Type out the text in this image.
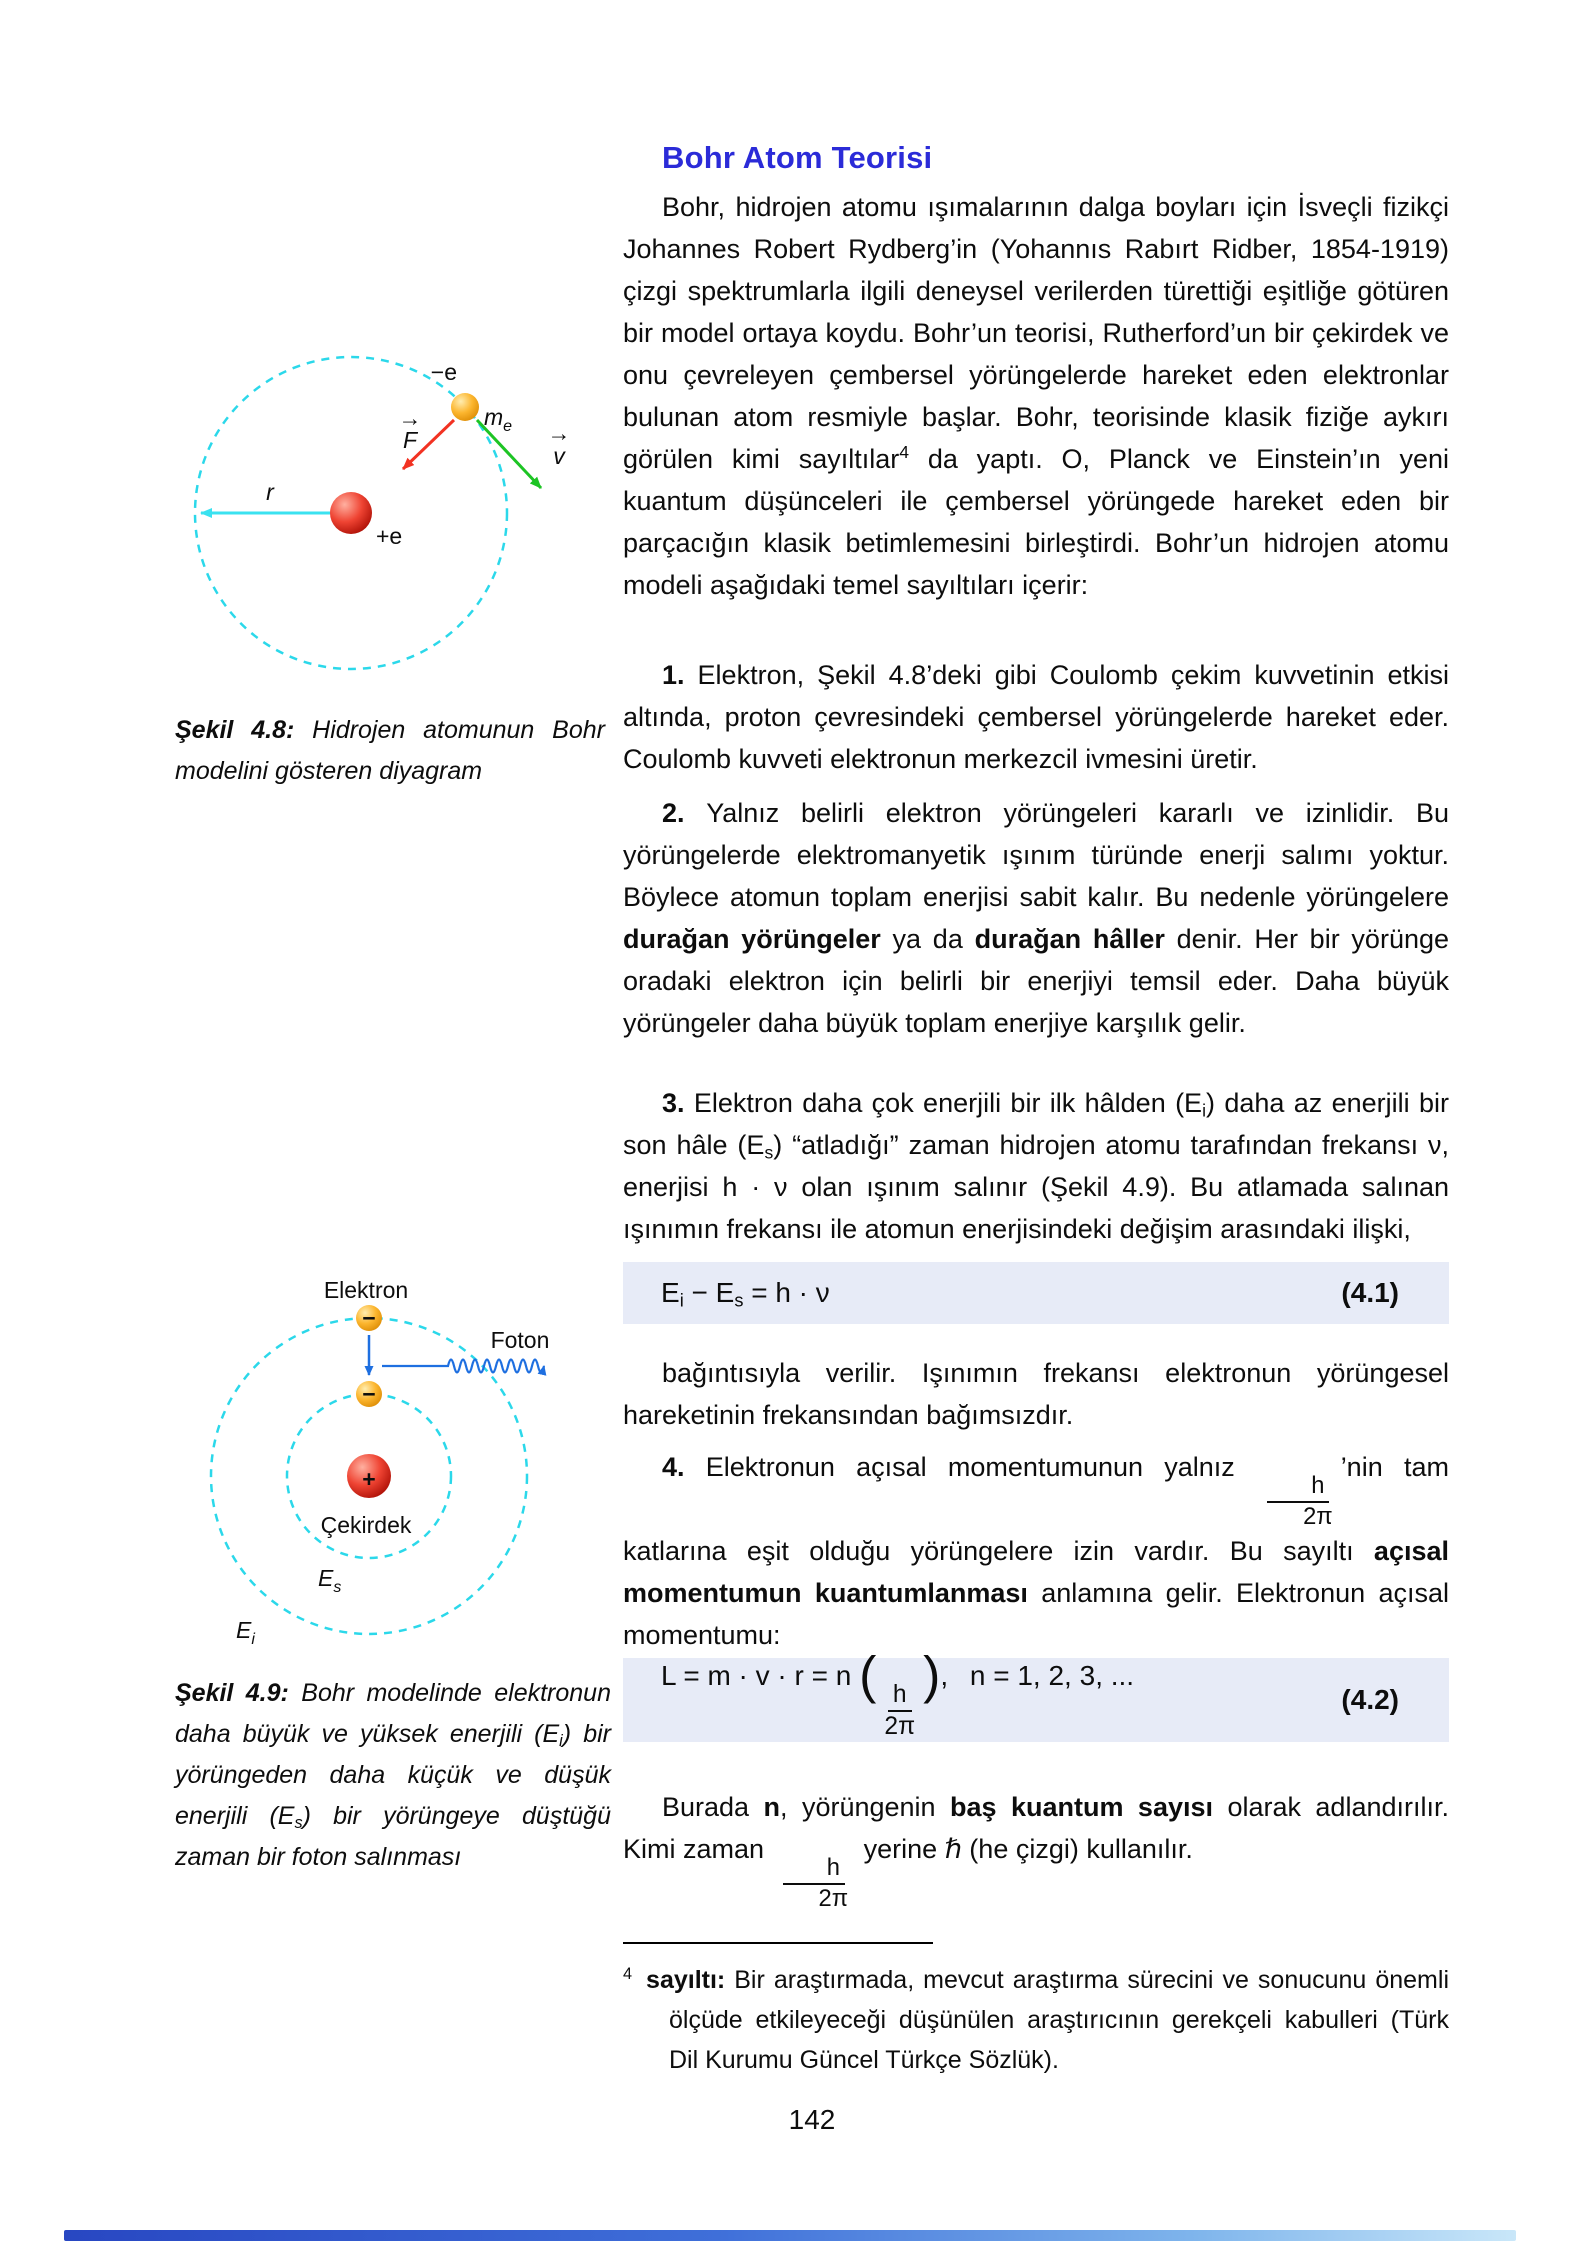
r
+e
−e
$m_e$
→
F	→
v
Şekil 4.8: Hidrojen atomunun Bohr modelini gösteren diyagram
Elektron
−
−
Foton
+
Çekirdek
$E_s$
$E_i$
Şekil 4.9: Bohr modelinde elektronun daha büyük ve yüksek enerjili $(E_i)$ bir yörüngeden daha küçük ve düşük enerjili $(E_s)$ bir yörüngeye düştüğü zaman bir foton salınması
Bohr Atom Teorisi

Bohr, hidrojen atomu ışımalarının dalga boyları için İsveçli fizikçi Johannes Robert Rydberg’in (Yohannıs Rabırt Ridber, 1854-1919) çizgi spektrumlarla ilgili deneysel verilerden türettiği eşitliğe götüren bir model ortaya koydu. Bohr’un teorisi, Rutherford’un bir çekirdek ve onu çevreleyen çembersel yörüngelerde hareket eden elektronlar bulunan atom resmiyle başlar. Bohr, teorisinde klasik fiziğe aykırı görülen kimi sayıltılar$^4$ da yaptı. O, Planck ve Einstein’ın yeni kuantum düşünceleri ile çembersel yörüngede hareket eden bir parçacığın klasik betimlemesini birleştirdi. Bohr’un hidrojen atomu modeli aşağıdaki temel sayıltıları içerir:

1. Elektron, Şekil 4.8’deki gibi Coulomb çekim kuvvetinin etkisi altında, proton çevresindeki çembersel yörüngelerde hareket eder. Coulomb kuvveti elektronun merkezcil ivmesini üretir.

2. Yalnız belirli elektron yörüngeleri kararlı ve izinlidir. Bu yörüngelerde elektromanyetik ışınım türünde enerji salımı yoktur. Böylece atomun toplam enerjisi sabit kalır. Bu nedenle yörüngelere durağan yörüngeler ya da durağan hâller denir. Her bir yörünge oradaki elektron için belirli bir enerjiyi temsil eder. Daha büyük yörüngeler daha büyük toplam enerjiye karşılık gelir.

3. Elektron daha çok enerjili bir ilk hâlden $(E_i)$ daha az enerjili bir son hâle $(E_s)$ “atladığı” zaman hidrojen atomu tarafından frekansı ν, enerjisi h · ν olan ışınım salınır (Şekil 4.9). Bu atlamada salınan ışınımın frekansı ile atomun enerjisindeki değişim arasındaki ilişki,

$E_i - E_s = h \cdot \nu$	(4.1)

bağıntısıyla verilir. Işınımın frekansı elektronun yörüngesel hareketinin frekansından bağımsızdır.

4. Elektronun açısal momentumunun yalnız
$\frac{h}{2\pi}$
’nin tam katlarına eşit olduğu yörüngelere izin vardır. Bu sayıltı açısal momentumun kuantumlanması anlamına gelir. Elektronun açısal momentumu:

L = m · v · r = n (
$\frac{h}{2\pi}$
),  n = 1, 2, 3, ...
(4.2)

Burada n, yörüngenin baş kuantum sayısı olarak adlandırılır. Kimi zaman
$\frac{h}{2\pi}$
yerine ℏ (he çizgi) kullanılır.

$^4$ sayıltı: Bir araştırmada, mevcut araştırma sürecini ve sonucunu önemli ölçüde etkileyeceği düşünülen araştırıcının gerekçeli kabulleri (Türk Dil Kurumu Güncel Türkçe Sözlük).

142
